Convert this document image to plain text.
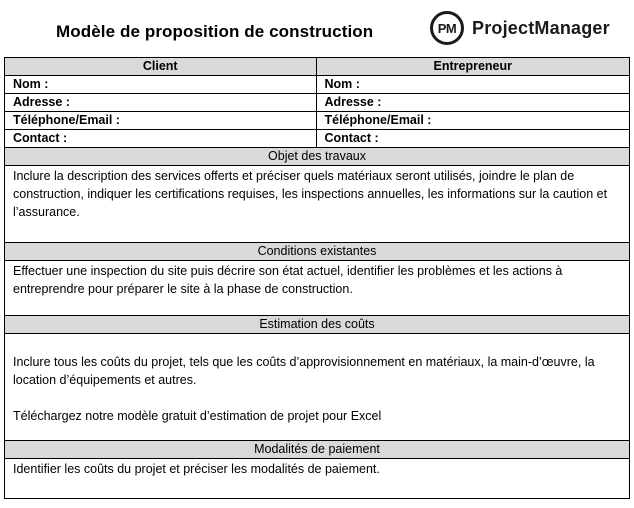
Modèle de proposition de construction	PM ProjectManager
Client	Entrepreneur
Nom :	Nom :
Adresse :	Adresse :
Téléphone/Email :	Téléphone/Email :
Contact :	Contact :
Objet des travaux	

Inclure la description des services offerts et préciser quels matériaux seront utilisés, joindre le plan de construction, indiquer les certifications requises, les inspections annuelles, les informations sur la caution et l’assurance.	

Conditions existantes	

Effectuer une inspection du site puis décrire son état actuel, identifier les problèmes et les actions à entreprendre pour préparer le site à la phase de construction.	

Estimation des coûts	

Inclure tous les coûts du projet, tels que les coûts d’approvisionnement en matériaux, la main-d’œuvre, la location d’équipements et autres.

Téléchargez notre modèle gratuit d’estimation de projet pour Excel	

Modalités de paiement	

Identifier les coûts du projet et préciser les modalités de paiement.	
